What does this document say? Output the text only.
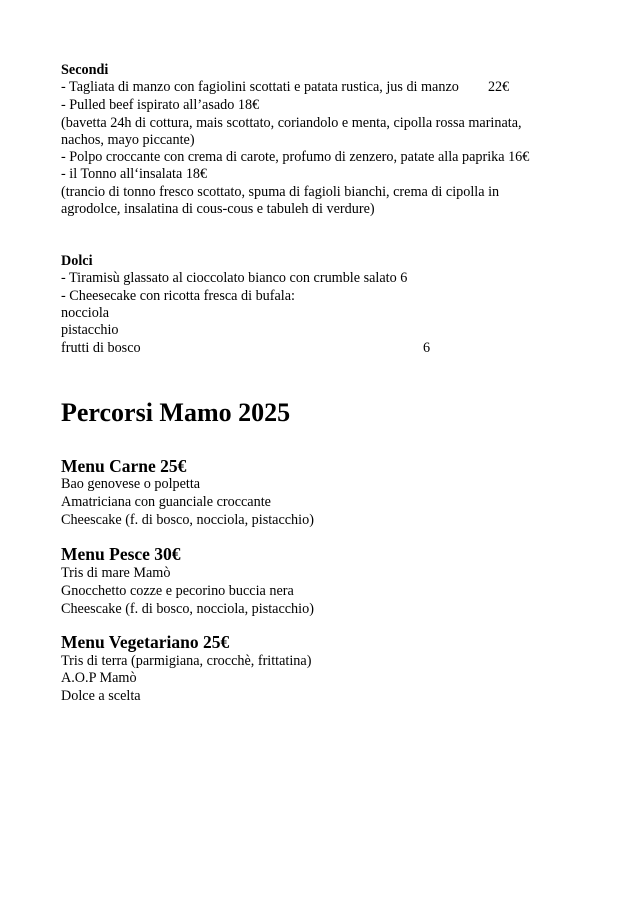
Secondi
- Tagliata di manzo con fagiolini scottati e patata rustica, jus di manzo 22€
- Pulled beef ispirato all’asado 18€
(bavetta 24h di cottura, mais scottato, coriandolo e menta, cipolla rossa marinata,
nachos, mayo piccante)
- Polpo croccante con crema di carote, profumo di zenzero, patate alla paprika 16€
- il Tonno all‘insalata 18€
(trancio di tonno fresco scottato, spuma di fagioli bianchi, crema di cipolla in
agrodolce, insalatina di cous-cous e tabuleh di verdure)
Dolci
- Tiramisù glassato al cioccolato bianco con crumble salato 6
- Cheesecake con ricotta fresca di bufala:
nocciola
pistacchio
frutti di bosco	6
Percorsi Mamo 2025
Menu Carne 25€
Bao genovese o polpetta
Amatriciana con guanciale croccante
Cheescake (f. di bosco, nocciola, pistacchio)
Menu Pesce 30€
Tris di mare Mamò
Gnocchetto cozze e pecorino buccia nera
Cheescake (f. di bosco, nocciola, pistacchio)
Menu Vegetariano 25€
Tris di terra (parmigiana, crocchè, frittatina)
A.O.P Mamò
Dolce a scelta
